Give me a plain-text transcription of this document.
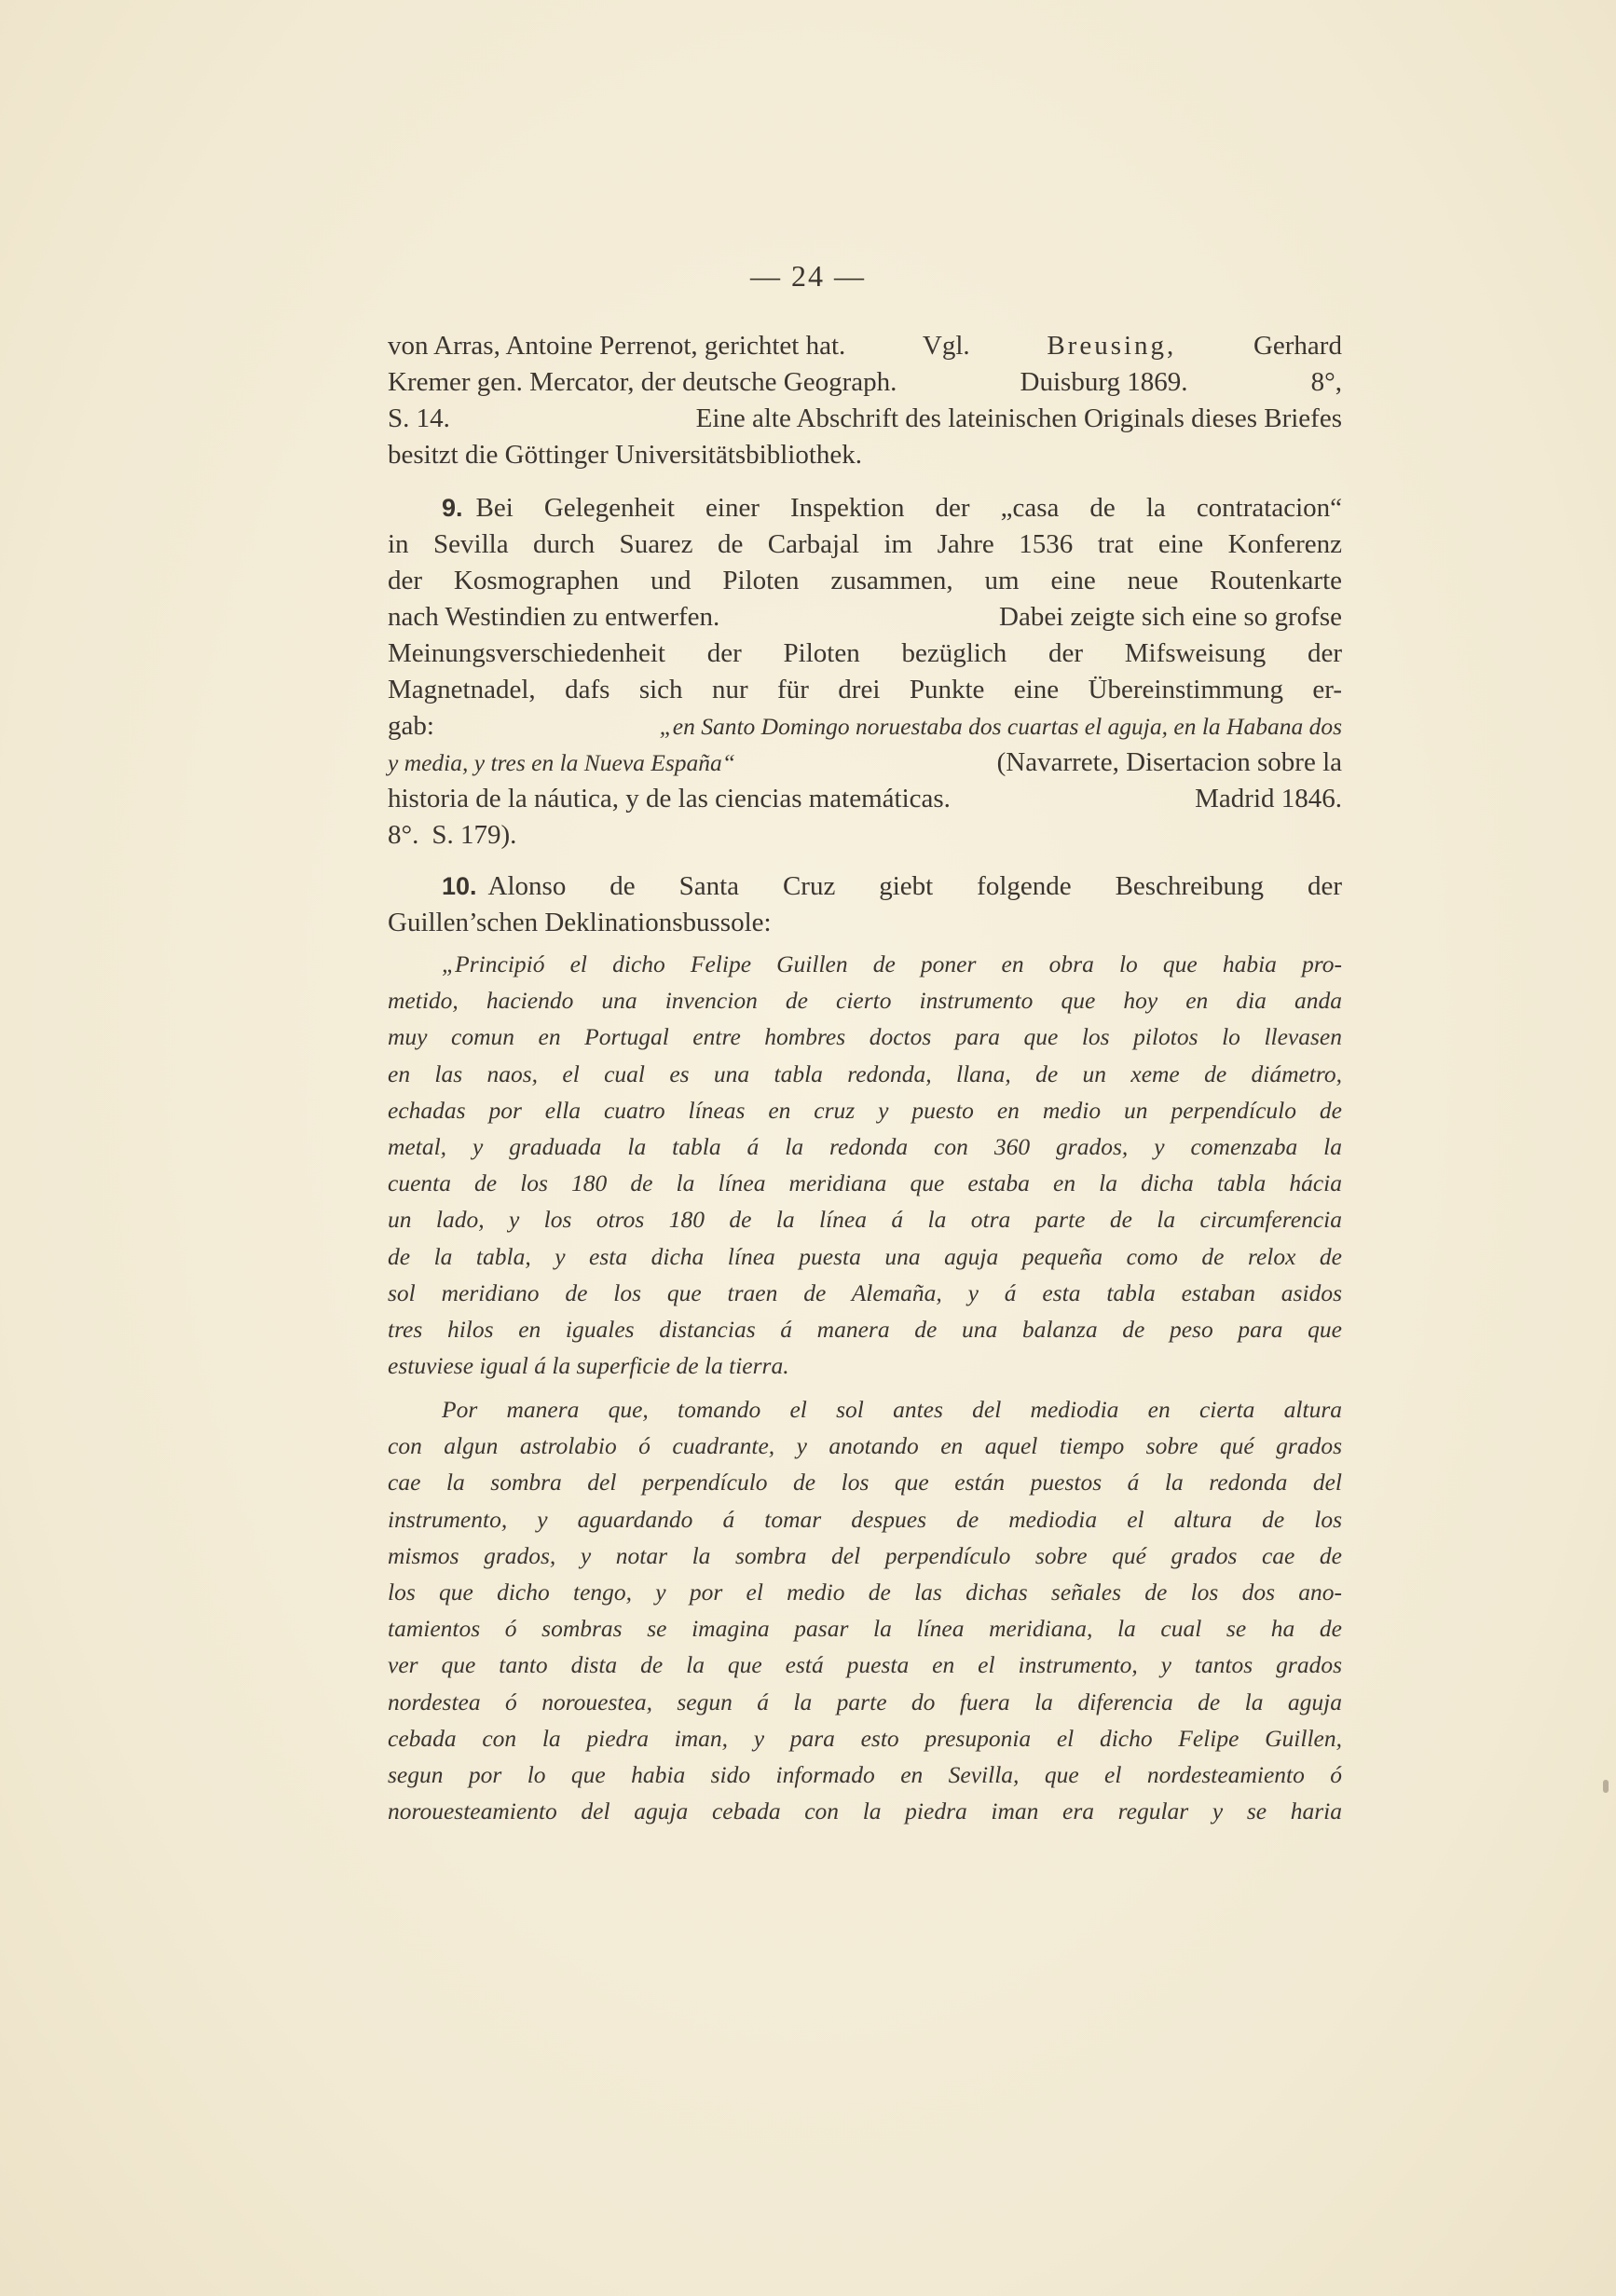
— 24 —
von Arras, Antoine Perrenot, gerichtet hat.	Vgl.	Breusing,	Gerhard
Kremer gen. Mercator, der deutsche Geograph.	Duisburg 1869.	8°,
S. 14.	Eine alte Abschrift des lateinischen Originals dieses Briefes
besitzt die Göttinger Universitätsbibliothek.
9. Bei Gelegenheit einer Inspektion der „casa de la contratacion“
in Sevilla durch Suarez de Carbajal im Jahre 1536 trat eine Konferenz
der Kosmographen und Piloten zusammen, um eine neue Routenkarte
nach Westindien zu entwerfen.	Dabei zeigte sich eine so grofse
Meinungsverschiedenheit der Piloten bezüglich der Mifsweisung der
Magnetnadel, dafs sich nur für drei Punkte eine Übereinstimmung er-
gab:	„en Santo Domingo noruestaba dos cuartas el aguja, en la Habana dos
y media, y tres en la Nueva España“	(Navarrete, Disertacion sobre la
historia de la náutica, y de las ciencias matemáticas.	Madrid 1846.
8°. S. 179).
10. Alonso de Santa Cruz giebt folgende Beschreibung der
Guillen’schen Deklinationsbussole:
„Principió el dicho Felipe Guillen de poner en obra lo que habia pro-
metido, haciendo una invencion de cierto instrumento que hoy en dia anda
muy comun en Portugal entre hombres doctos para que los pilotos lo llevasen
en las naos, el cual es una tabla redonda, llana, de un xeme de diámetro,
echadas por ella cuatro líneas en cruz y puesto en medio un perpendículo de
metal, y graduada la tabla á la redonda con 360 grados, y comenzaba la
cuenta de los 180 de la línea meridiana que estaba en la dicha tabla hácia
un lado, y los otros 180 de la línea á la otra parte de la circumferencia
de la tabla, y esta dicha línea puesta una aguja pequeña como de relox de
sol meridiano de los que traen de Alemaña, y á esta tabla estaban asidos
tres hilos en iguales distancias á manera de una balanza de peso para que
estuviese igual á la superficie de la tierra.
Por manera que, tomando el sol antes del mediodia en cierta altura
con algun astrolabio ó cuadrante, y anotando en aquel tiempo sobre qué grados
cae la sombra del perpendículo de los que están puestos á la redonda del
instrumento, y aguardando á tomar despues de mediodia el altura de los
mismos grados, y notar la sombra del perpendículo sobre qué grados cae de
los que dicho tengo, y por el medio de las dichas señales de los dos ano-
tamientos ó sombras se imagina pasar la línea meridiana, la cual se ha de
ver que tanto dista de la que está puesta en el instrumento, y tantos grados
nordestea ó norouestea, segun á la parte do fuera la diferencia de la aguja
cebada con la piedra iman, y para esto presuponia el dicho Felipe Guillen,
segun por lo que habia sido informado en Sevilla, que el nordesteamiento ó
norouesteamiento del aguja cebada con la piedra iman era regular y se haria
